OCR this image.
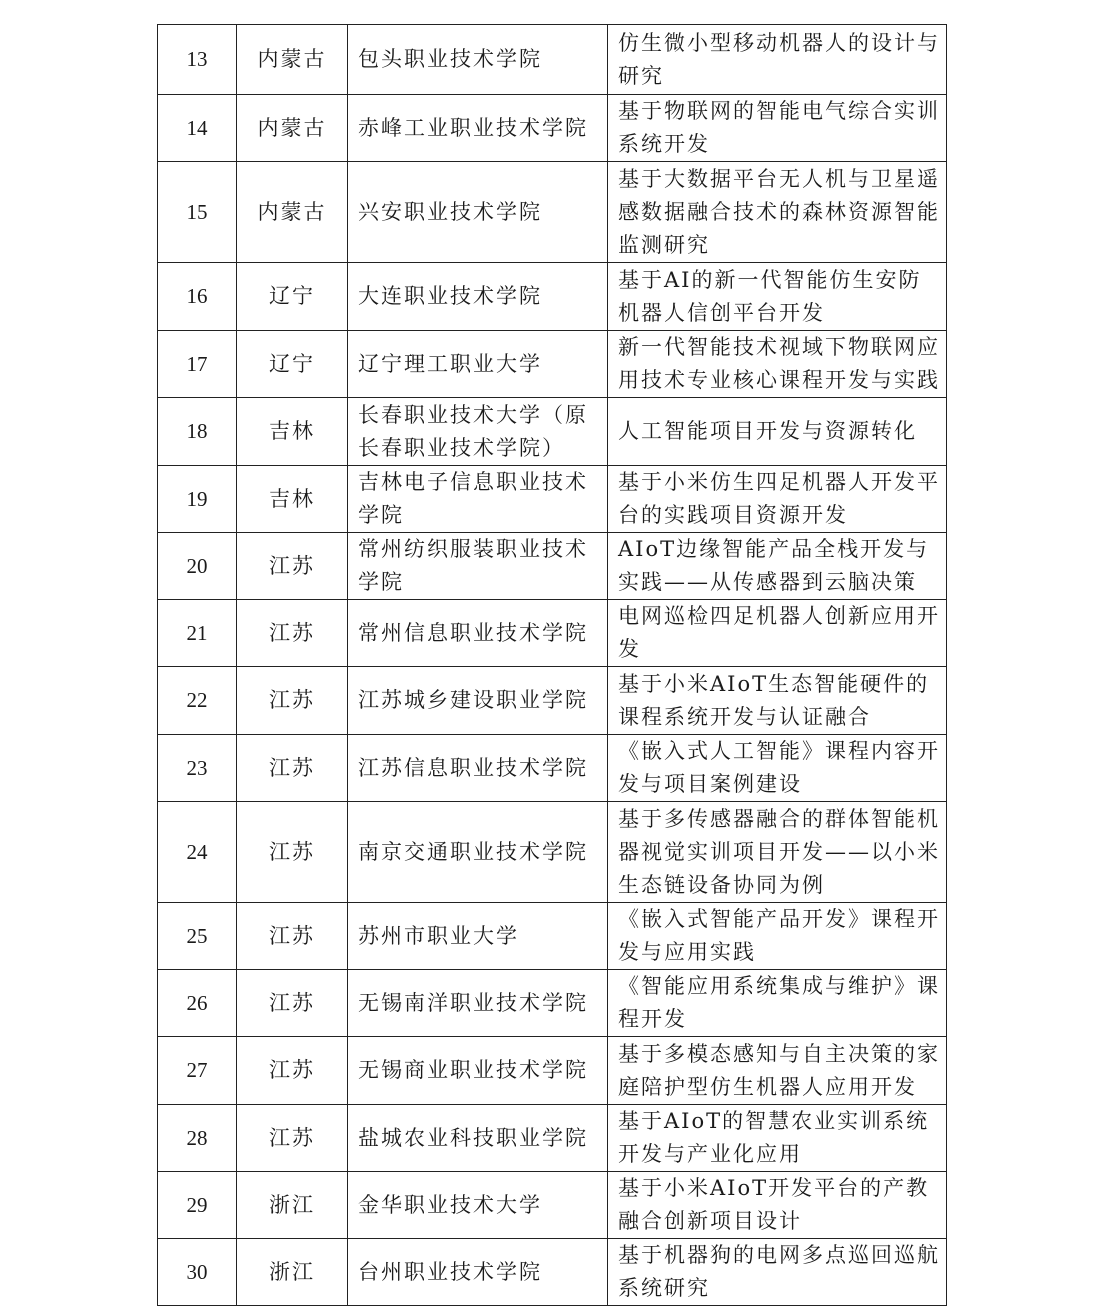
13	内蒙古	包头职业技术学院	仿生微小型移动机器人的设计与研究
14	内蒙古	赤峰工业职业技术学院	基于物联网的智能电气综合实训系统开发
15	内蒙古	兴安职业技术学院	基于大数据平台无人机与卫星遥感数据融合技术的森林资源智能监测研究
16	辽宁	大连职业技术学院	基于AI的新一代智能仿生安防机器人信创平台开发
17	辽宁	辽宁理工职业大学	新一代智能技术视域下物联网应用技术专业核心课程开发与实践
18	吉林	长春职业技术大学（原长春职业技术学院）	人工智能项目开发与资源转化
19	吉林	吉林电子信息职业技术学院	基于小米仿生四足机器人开发平台的实践项目资源开发
20	江苏	常州纺织服装职业技术学院	AIoT边缘智能产品全栈开发与实践——从传感器到云脑决策
21	江苏	常州信息职业技术学院	电网巡检四足机器人创新应用开发
22	江苏	江苏城乡建设职业学院	基于小米AIoT生态智能硬件的课程系统开发与认证融合
23	江苏	江苏信息职业技术学院	《嵌入式人工智能》课程内容开发与项目案例建设
24	江苏	南京交通职业技术学院	基于多传感器融合的群体智能机器视觉实训项目开发——以小米生态链设备协同为例
25	江苏	苏州市职业大学	《嵌入式智能产品开发》课程开发与应用实践
26	江苏	无锡南洋职业技术学院	《智能应用系统集成与维护》课程开发
27	江苏	无锡商业职业技术学院	基于多模态感知与自主决策的家庭陪护型仿生机器人应用开发
28	江苏	盐城农业科技职业学院	基于AIoT的智慧农业实训系统开发与产业化应用
29	浙江	金华职业技术大学	基于小米AIoT开发平台的产教融合创新项目设计
30	浙江	台州职业技术学院	基于机器狗的电网多点巡回巡航系统研究
